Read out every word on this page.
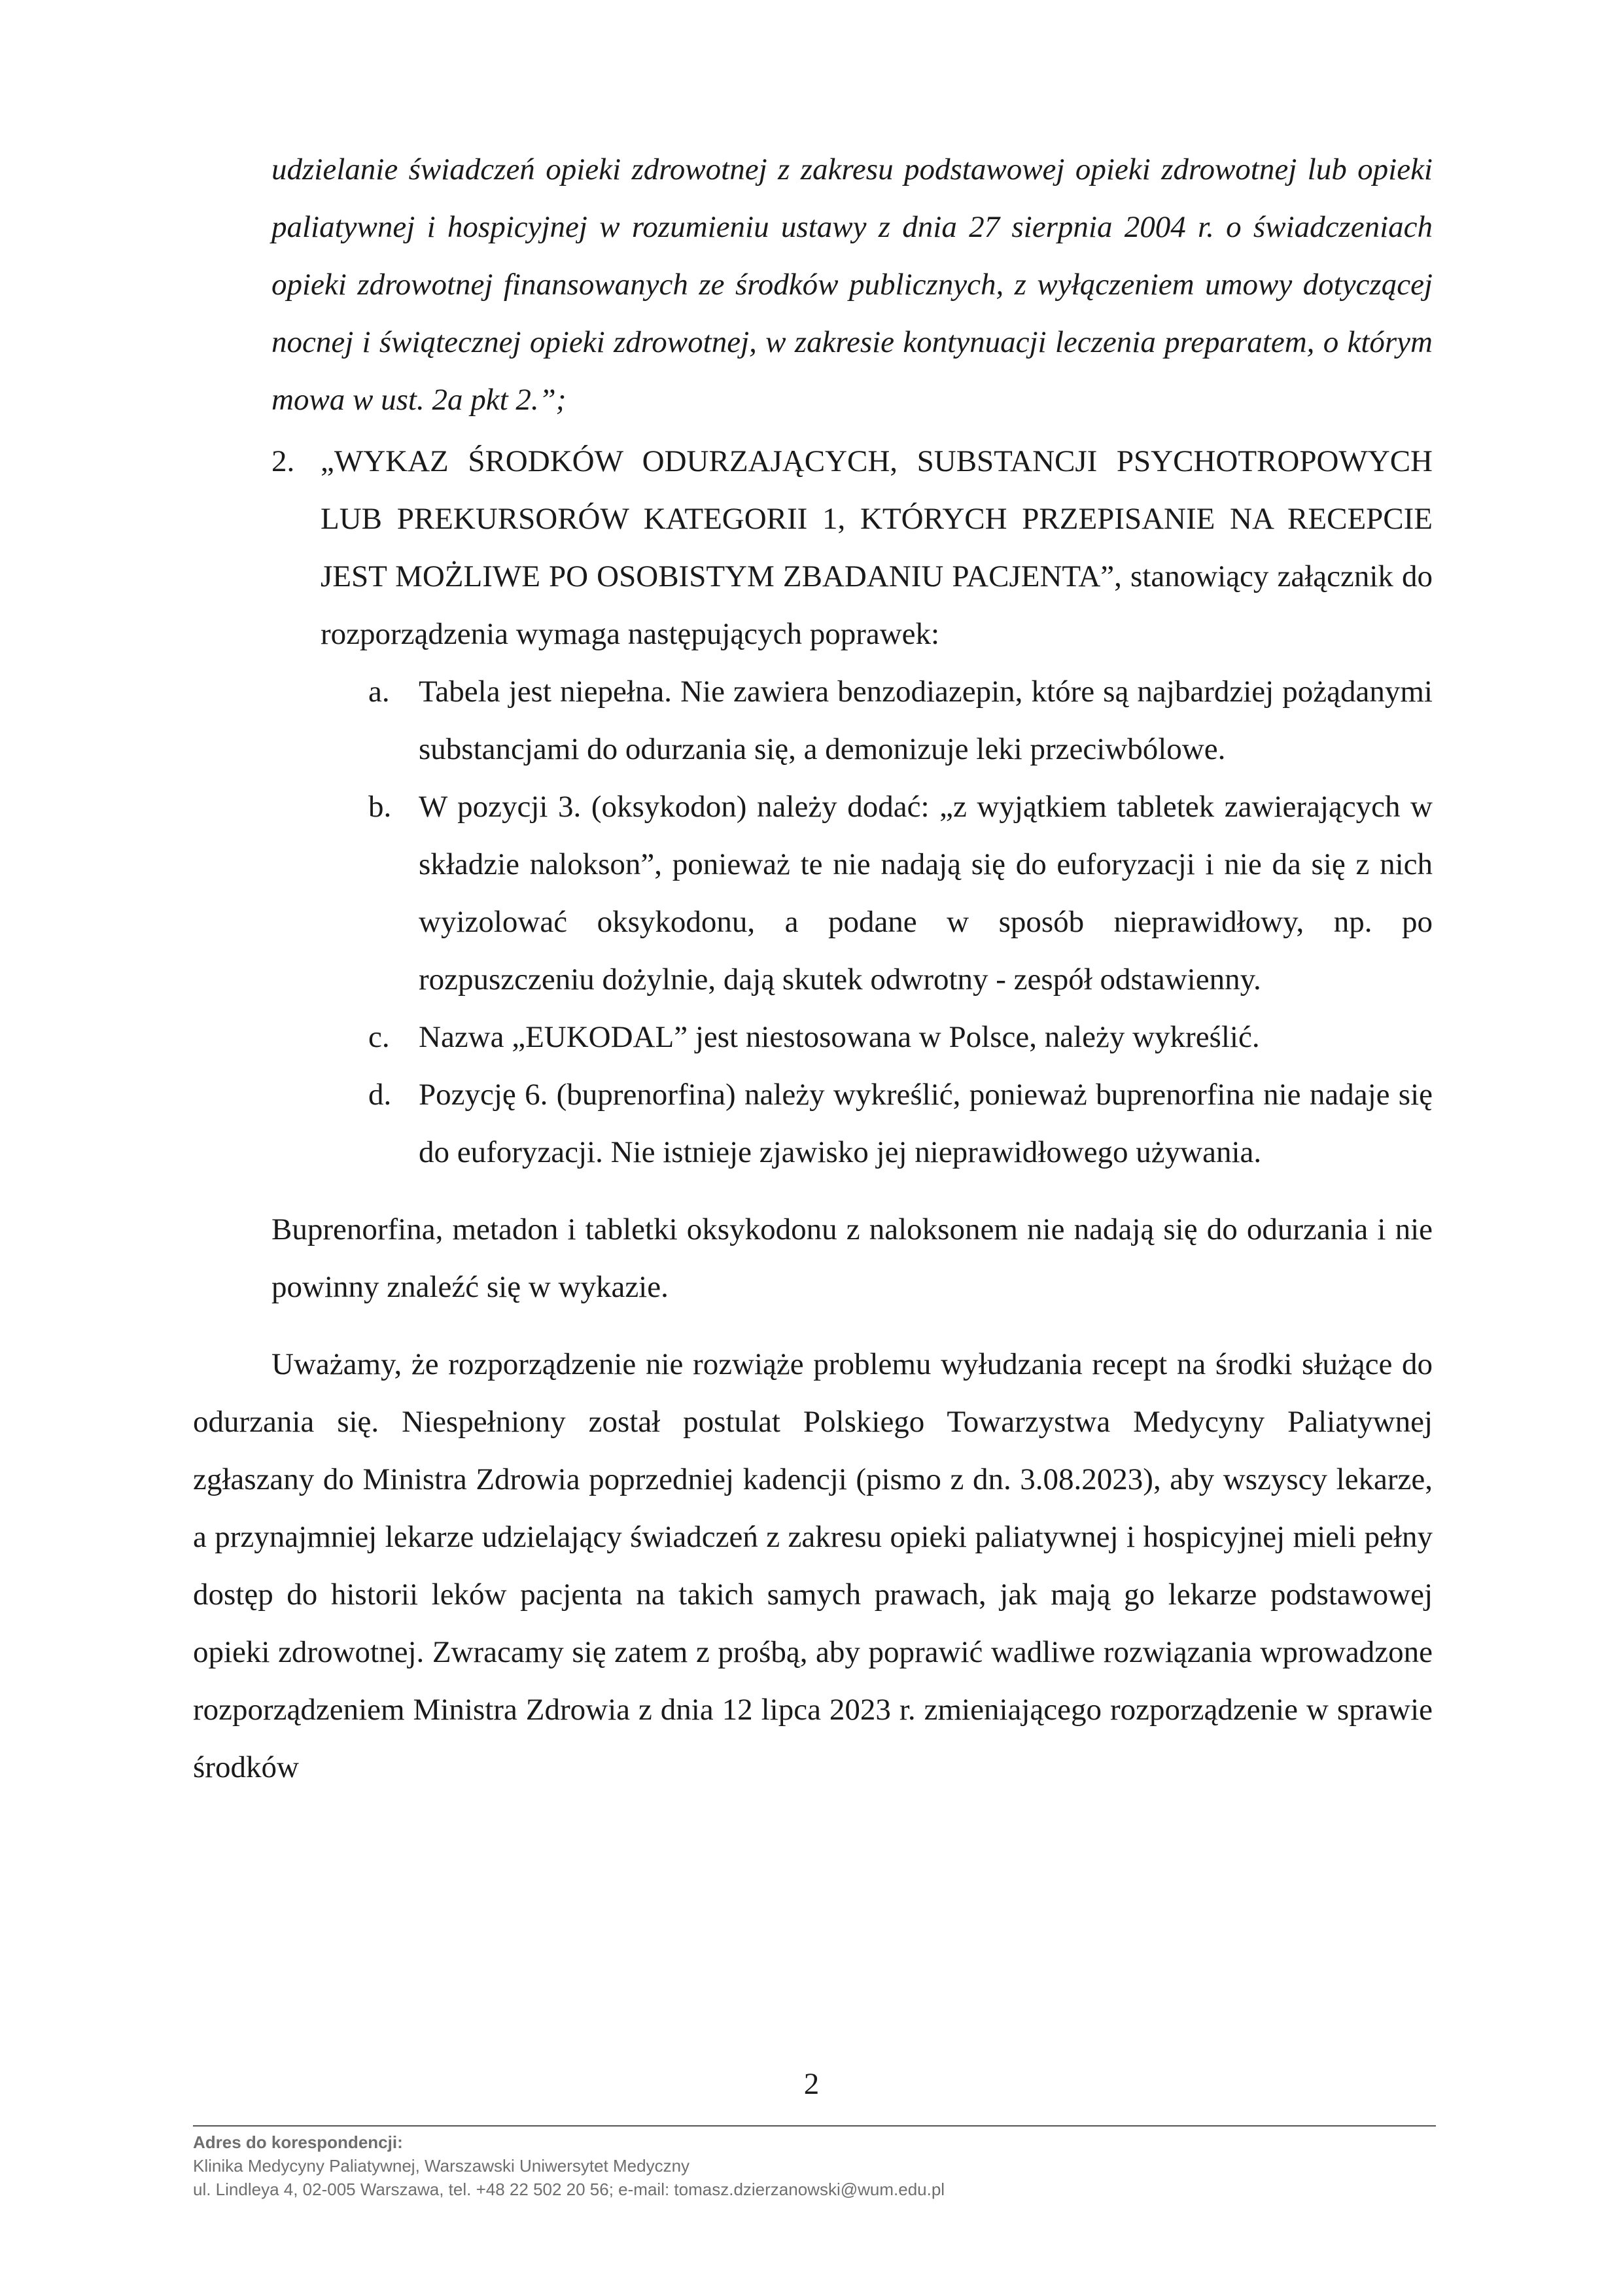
udzielanie świadczeń opieki zdrowotnej z zakresu podstawowej opieki zdrowotnej lub opieki paliatywnej i hospicyjnej w rozumieniu ustawy z dnia 27 sierpnia 2004 r. o świadczeniach opieki zdrowotnej finansowanych ze środków publicznych, z wyłączeniem umowy dotyczącej nocnej i świątecznej opieki zdrowotnej, w zakresie kontynuacji leczenia preparatem, o którym mowa w ust. 2a pkt 2.”;

2. „WYKAZ ŚRODKÓW ODURZAJĄCYCH, SUBSTANCJI PSYCHOTROPOWYCH LUB PREKURSORÓW KATEGORII 1, KTÓRYCH PRZEPISANIE NA RECEPCIE JEST MOŻLIWE PO OSOBISTYM ZBADANIU PACJENTA”, stanowiący załącznik do rozporządzenia wymaga następujących poprawek:

a. Tabela jest niepełna. Nie zawiera benzodiazepin, które są najbardziej pożądanymi substancjami do odurzania się, a demonizuje leki przeciwbólowe.
b. W pozycji 3. (oksykodon) należy dodać: „z wyjątkiem tabletek zawierających w składzie nalokson”, ponieważ te nie nadają się do euforyzacji i nie da się z nich wyizolować oksykodonu, a podane w sposób nieprawidłowy, np. po rozpuszczeniu dożylnie, dają skutek odwrotny - zespół odstawienny.
c. Nazwa „EUKODAL” jest niestosowana w Polsce, należy wykreślić.
d. Pozycję 6. (buprenorfina) należy wykreślić, ponieważ buprenorfina nie nadaje się do euforyzacji. Nie istnieje zjawisko jej nieprawidłowego używania.

Buprenorfina, metadon i tabletki oksykodonu z naloksonem nie nadają się do odurzania i nie powinny znaleźć się w wykazie.

Uważamy, że rozporządzenie nie rozwiąże problemu wyłudzania recept na środki służące do odurzania się. Niespełniony został postulat Polskiego Towarzystwa Medycyny Paliatywnej zgłaszany do Ministra Zdrowia poprzedniej kadencji (pismo z dn. 3.08.2023), aby wszyscy lekarze, a przynajmniej lekarze udzielający świadczeń z zakresu opieki paliatywnej i hospicyjnej mieli pełny dostęp do historii leków pacjenta na takich samych prawach, jak mają go lekarze podstawowej opieki zdrowotnej. Zwracamy się zatem z prośbą, aby poprawić wadliwe rozwiązania wprowadzone rozporządzeniem Ministra Zdrowia z dnia 12 lipca 2023 r. zmieniającego rozporządzenie w sprawie środków

2
Adres do korespondencji:
Klinika Medycyny Paliatywnej, Warszawski Uniwersytet Medyczny
ul. Lindleya 4, 02-005 Warszawa, tel. +48 22 502 20 56; e-mail: tomasz.dzierzanowski@wum.edu.pl
